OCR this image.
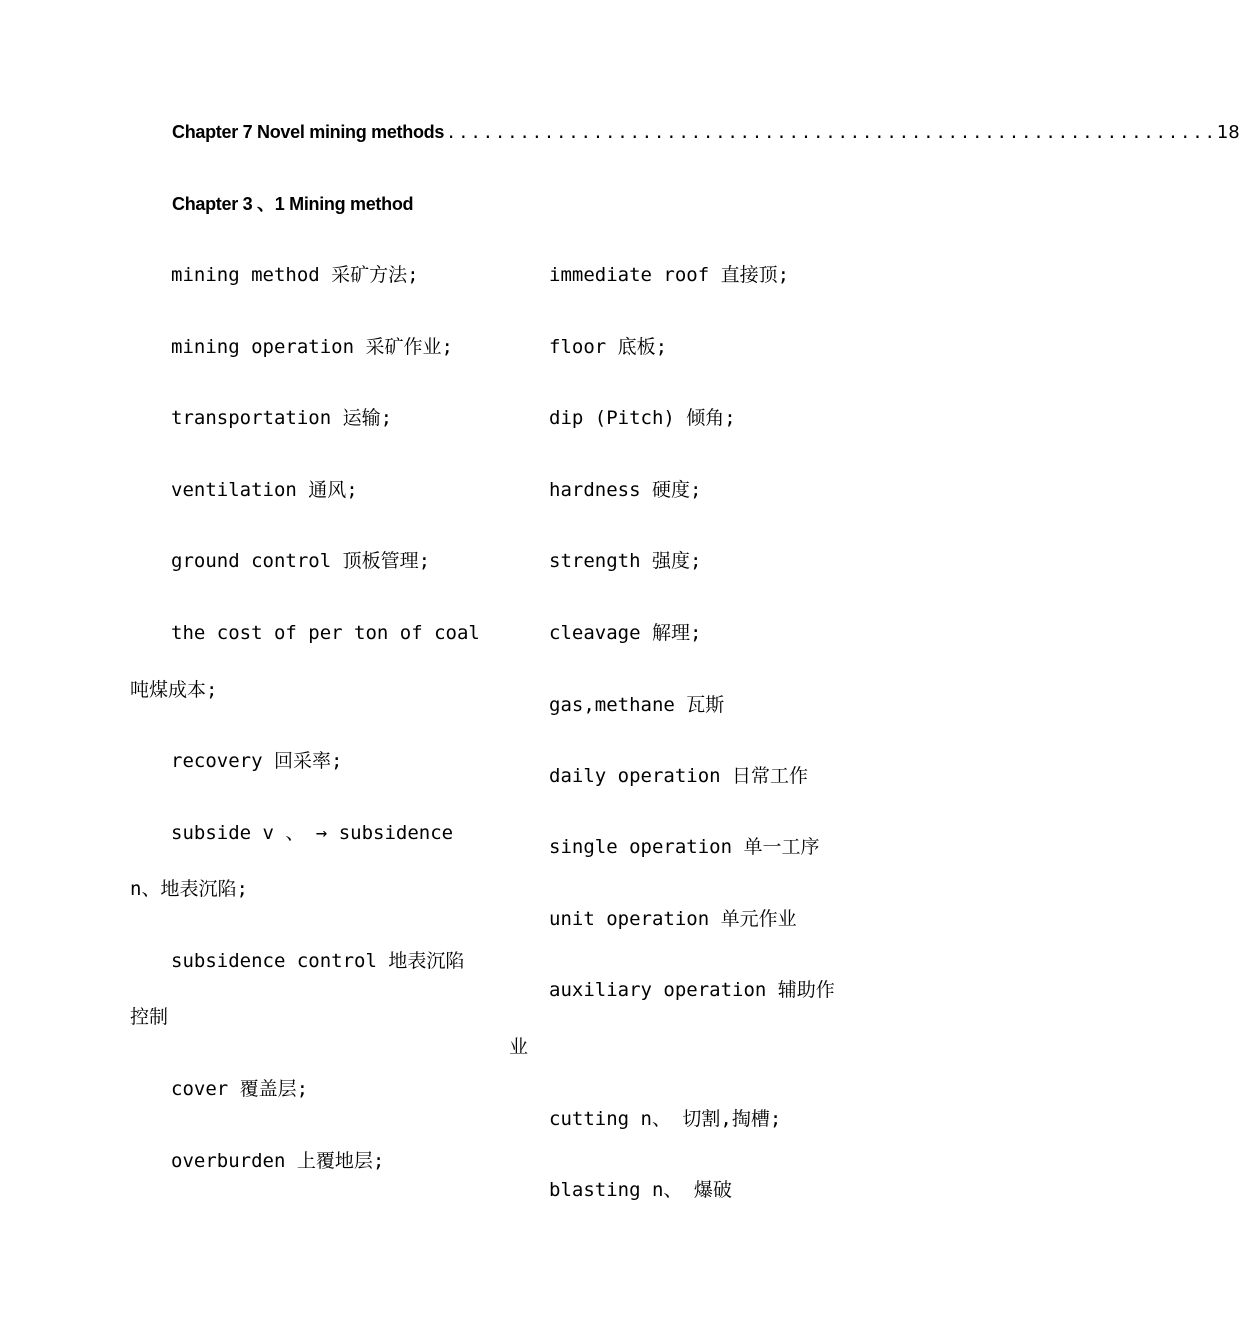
Chapter 7 Novel mining methods ............................................................... 18
Chapter 3 、1 Mining method
mining method 采矿方法;
mining operation 采矿作业;
transportation 运输;
ventilation 通风;
ground control 顶板管理;
the cost of per ton of coal
吨煤成本;
recovery 回采率;
subside v 、 → subsidence
n、地表沉陷;
subsidence control 地表沉陷
控制
cover 覆盖层;
overburden 上覆地层;
immediate roof 直接顶;
floor 底板;
dip (Pitch) 倾角;
hardness 硬度;
strength 强度;
cleavage 解理;
gas,methane 瓦斯
daily operation 日常工作
single operation 单一工序
unit operation 单元作业
auxiliary operation 辅助作
业
cutting n、 切割,掏槽;
blasting n、 爆破
